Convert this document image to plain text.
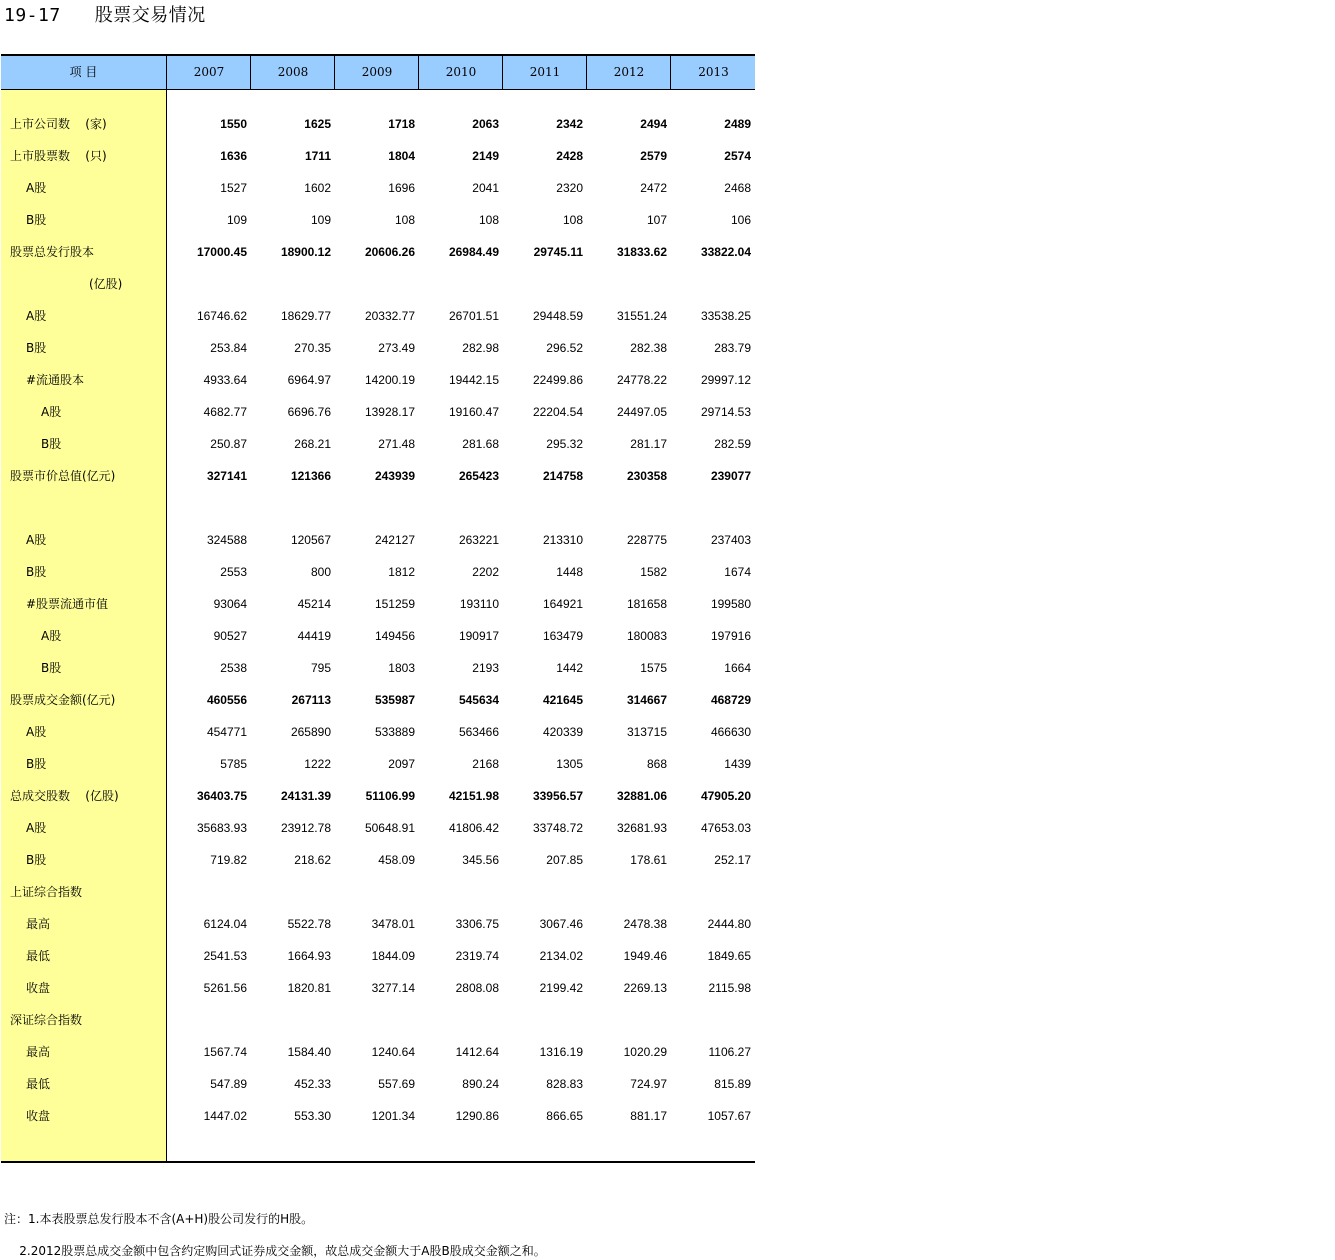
19-17   股票交易情况
项 目	2007	2008	2009	2010	2011	2012	2013
上市公司数    (家)	1550	1625	1718	2063	2342	2494	2489
上市股票数    (只)	1636	1711	1804	2149	2428	2579	2574
A股	1527	1602	1696	2041	2320	2472	2468
B股	109	109	108	108	108	107	106
股票总发行股本	17000.45	18900.12	20606.26	26984.49	29745.11	31833.62	33822.04
(亿股)
A股	16746.62	18629.77	20332.77	26701.51	29448.59	31551.24	33538.25
B股	253.84	270.35	273.49	282.98	296.52	282.38	283.79
#流通股本	4933.64	6964.97	14200.19	19442.15	22499.86	24778.22	29997.12
A股	4682.77	6696.76	13928.17	19160.47	22204.54	24497.05	29714.53
B股	250.87	268.21	271.48	281.68	295.32	281.17	282.59
股票市价总值(亿元)	327141	121366	243939	265423	214758	230358	239077
A股	324588	120567	242127	263221	213310	228775	237403
B股	2553	800	1812	2202	1448	1582	1674
#股票流通市值	93064	45214	151259	193110	164921	181658	199580
A股	90527	44419	149456	190917	163479	180083	197916
B股	2538	795	1803	2193	1442	1575	1664
股票成交金额(亿元)	460556	267113	535987	545634	421645	314667	468729
A股	454771	265890	533889	563466	420339	313715	466630
B股	5785	1222	2097	2168	1305	868	1439
总成交股数    (亿股)	36403.75	24131.39	51106.99	42151.98	33956.57	32881.06	47905.20
A股	35683.93	23912.78	50648.91	41806.42	33748.72	32681.93	47653.03
B股	719.82	218.62	458.09	345.56	207.85	178.61	252.17
上证综合指数
最高	6124.04	5522.78	3478.01	3306.75	3067.46	2478.38	2444.80
最低	2541.53	1664.93	1844.09	2319.74	2134.02	1949.46	1849.65
收盘	5261.56	1820.81	3277.14	2808.08	2199.42	2269.13	2115.98
深证综合指数
最高	1567.74	1584.40	1240.64	1412.64	1316.19	1020.29	1106.27
最低	547.89	452.33	557.69	890.24	828.83	724.97	815.89
收盘	1447.02	553.30	1201.34	1290.86	866.65	881.17	1057.67
注：1.本表股票总发行股本不含(A+H)股公司发行的H股。
2.2012股票总成交金额中包含约定购回式证券成交金额，故总成交金额大于A股B股成交金额之和。
